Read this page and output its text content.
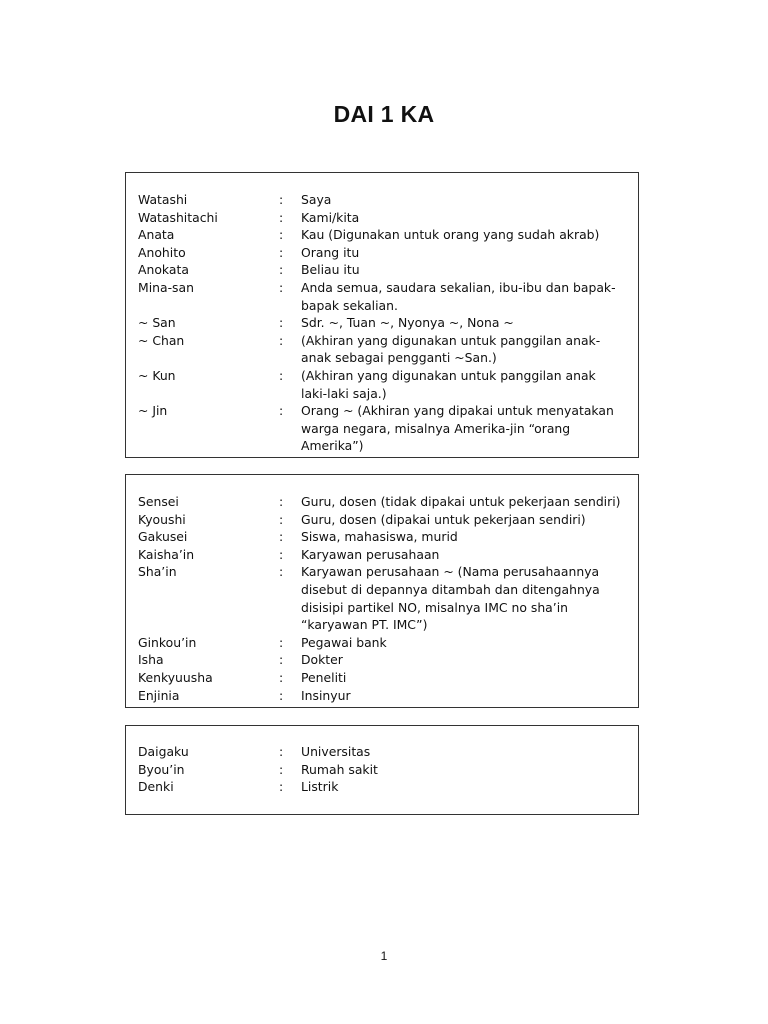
DAI 1 KA
Watashi	: Saya
Watashitachi	: Kami/kita
Anata	: Kau (Digunakan untuk orang yang sudah akrab)
Anohito	: Orang itu
Anokata	: Beliau itu
Mina-san	: Anda semua, saudara sekalian, ibu-ibu dan bapak-bapak sekalian.
~ San	: Sdr. ~, Tuan ~, Nyonya ~, Nona ~
~ Chan	: (Akhiran yang digunakan untuk panggilan anak-anak sebagai pengganti ~San.)
~ Kun	: (Akhiran yang digunakan untuk panggilan anak laki-laki saja.)
~ Jin	: Orang ~ (Akhiran yang dipakai untuk menyatakan warga negara, misalnya Amerika-jin “orang Amerika”)
Sensei	: Guru, dosen (tidak dipakai untuk pekerjaan sendiri)
Kyoushi	: Guru, dosen (dipakai untuk pekerjaan sendiri)
Gakusei	: Siswa, mahasiswa, murid
Kaisha’in	: Karyawan perusahaan
Sha’in	: Karyawan perusahaan ~ (Nama perusahaannya disebut di depannya ditambah dan ditengahnya disisipi partikel NO, misalnya IMC no sha’in “karyawan PT. IMC”)
Ginkou’in	: Pegawai bank
Isha	: Dokter
Kenkyuusha	: Peneliti
Enjinia	: Insinyur
Daigaku	: Universitas
Byou’in	: Rumah sakit
Denki	: Listrik
1
